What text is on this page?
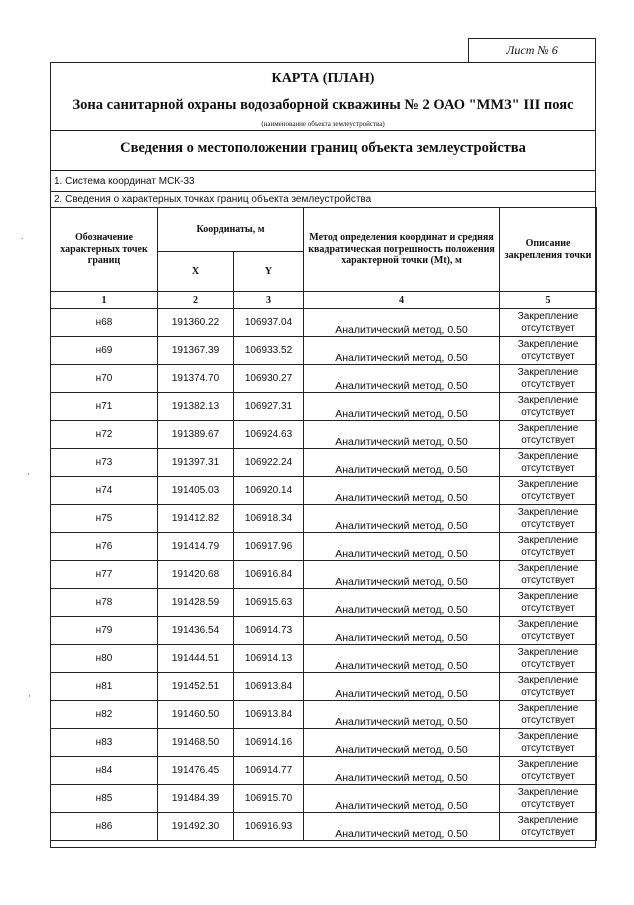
Лист № 6
КАРТА (ПЛАН)
Зона санитарной охраны водозаборной скважины № 2 ОАО "ММЗ" III пояс
(наименование объекта землеустройства)
Сведения о местоположении границ объекта землеустройства
1. Система координат МСК-33
2. Сведения о характерных точках границ объекта землеустройства
Обозначение характерных точек границ	Координаты, м		Метод определения координат и средняя квадратическая погрешность положения характерной точки (Mt), м	Описание закрепления точки
	X	Y		
1	2	3	4	5
н68	191360.22	106937.04	Аналитический метод, 0.50	Закрепление отсутствует
н69	191367.39	106933.52	Аналитический метод, 0.50	Закрепление отсутствует
н70	191374.70	106930.27	Аналитический метод, 0.50	Закрепление отсутствует
н71	191382.13	106927.31	Аналитический метод, 0.50	Закрепление отсутствует
н72	191389.67	106924.63	Аналитический метод, 0.50	Закрепление отсутствует
н73	191397.31	106922.24	Аналитический метод, 0.50	Закрепление отсутствует
н74	191405.03	106920.14	Аналитический метод, 0.50	Закрепление отсутствует
н75	191412.82	106918.34	Аналитический метод, 0.50	Закрепление отсутствует
н76	191414.79	106917.96	Аналитический метод, 0.50	Закрепление отсутствует
н77	191420.68	106916.84	Аналитический метод, 0.50	Закрепление отсутствует
н78	191428.59	106915.63	Аналитический метод, 0.50	Закрепление отсутствует
н79	191436.54	106914.73	Аналитический метод, 0.50	Закрепление отсутствует
н80	191444.51	106914.13	Аналитический метод, 0.50	Закрепление отсутствует
н81	191452.51	106913.84	Аналитический метод, 0.50	Закрепление отсутствует
н82	191460.50	106913.84	Аналитический метод, 0.50	Закрепление отсутствует
н83	191468.50	106914.16	Аналитический метод, 0.50	Закрепление отсутствует
н84	191476.45	106914.77	Аналитический метод, 0.50	Закрепление отсутствует
н85	191484.39	106915.70	Аналитический метод, 0.50	Закрепление отсутствует
н86	191492.30	106916.93	Аналитический метод, 0.50	Закрепление отсутствует
˙
·
·
